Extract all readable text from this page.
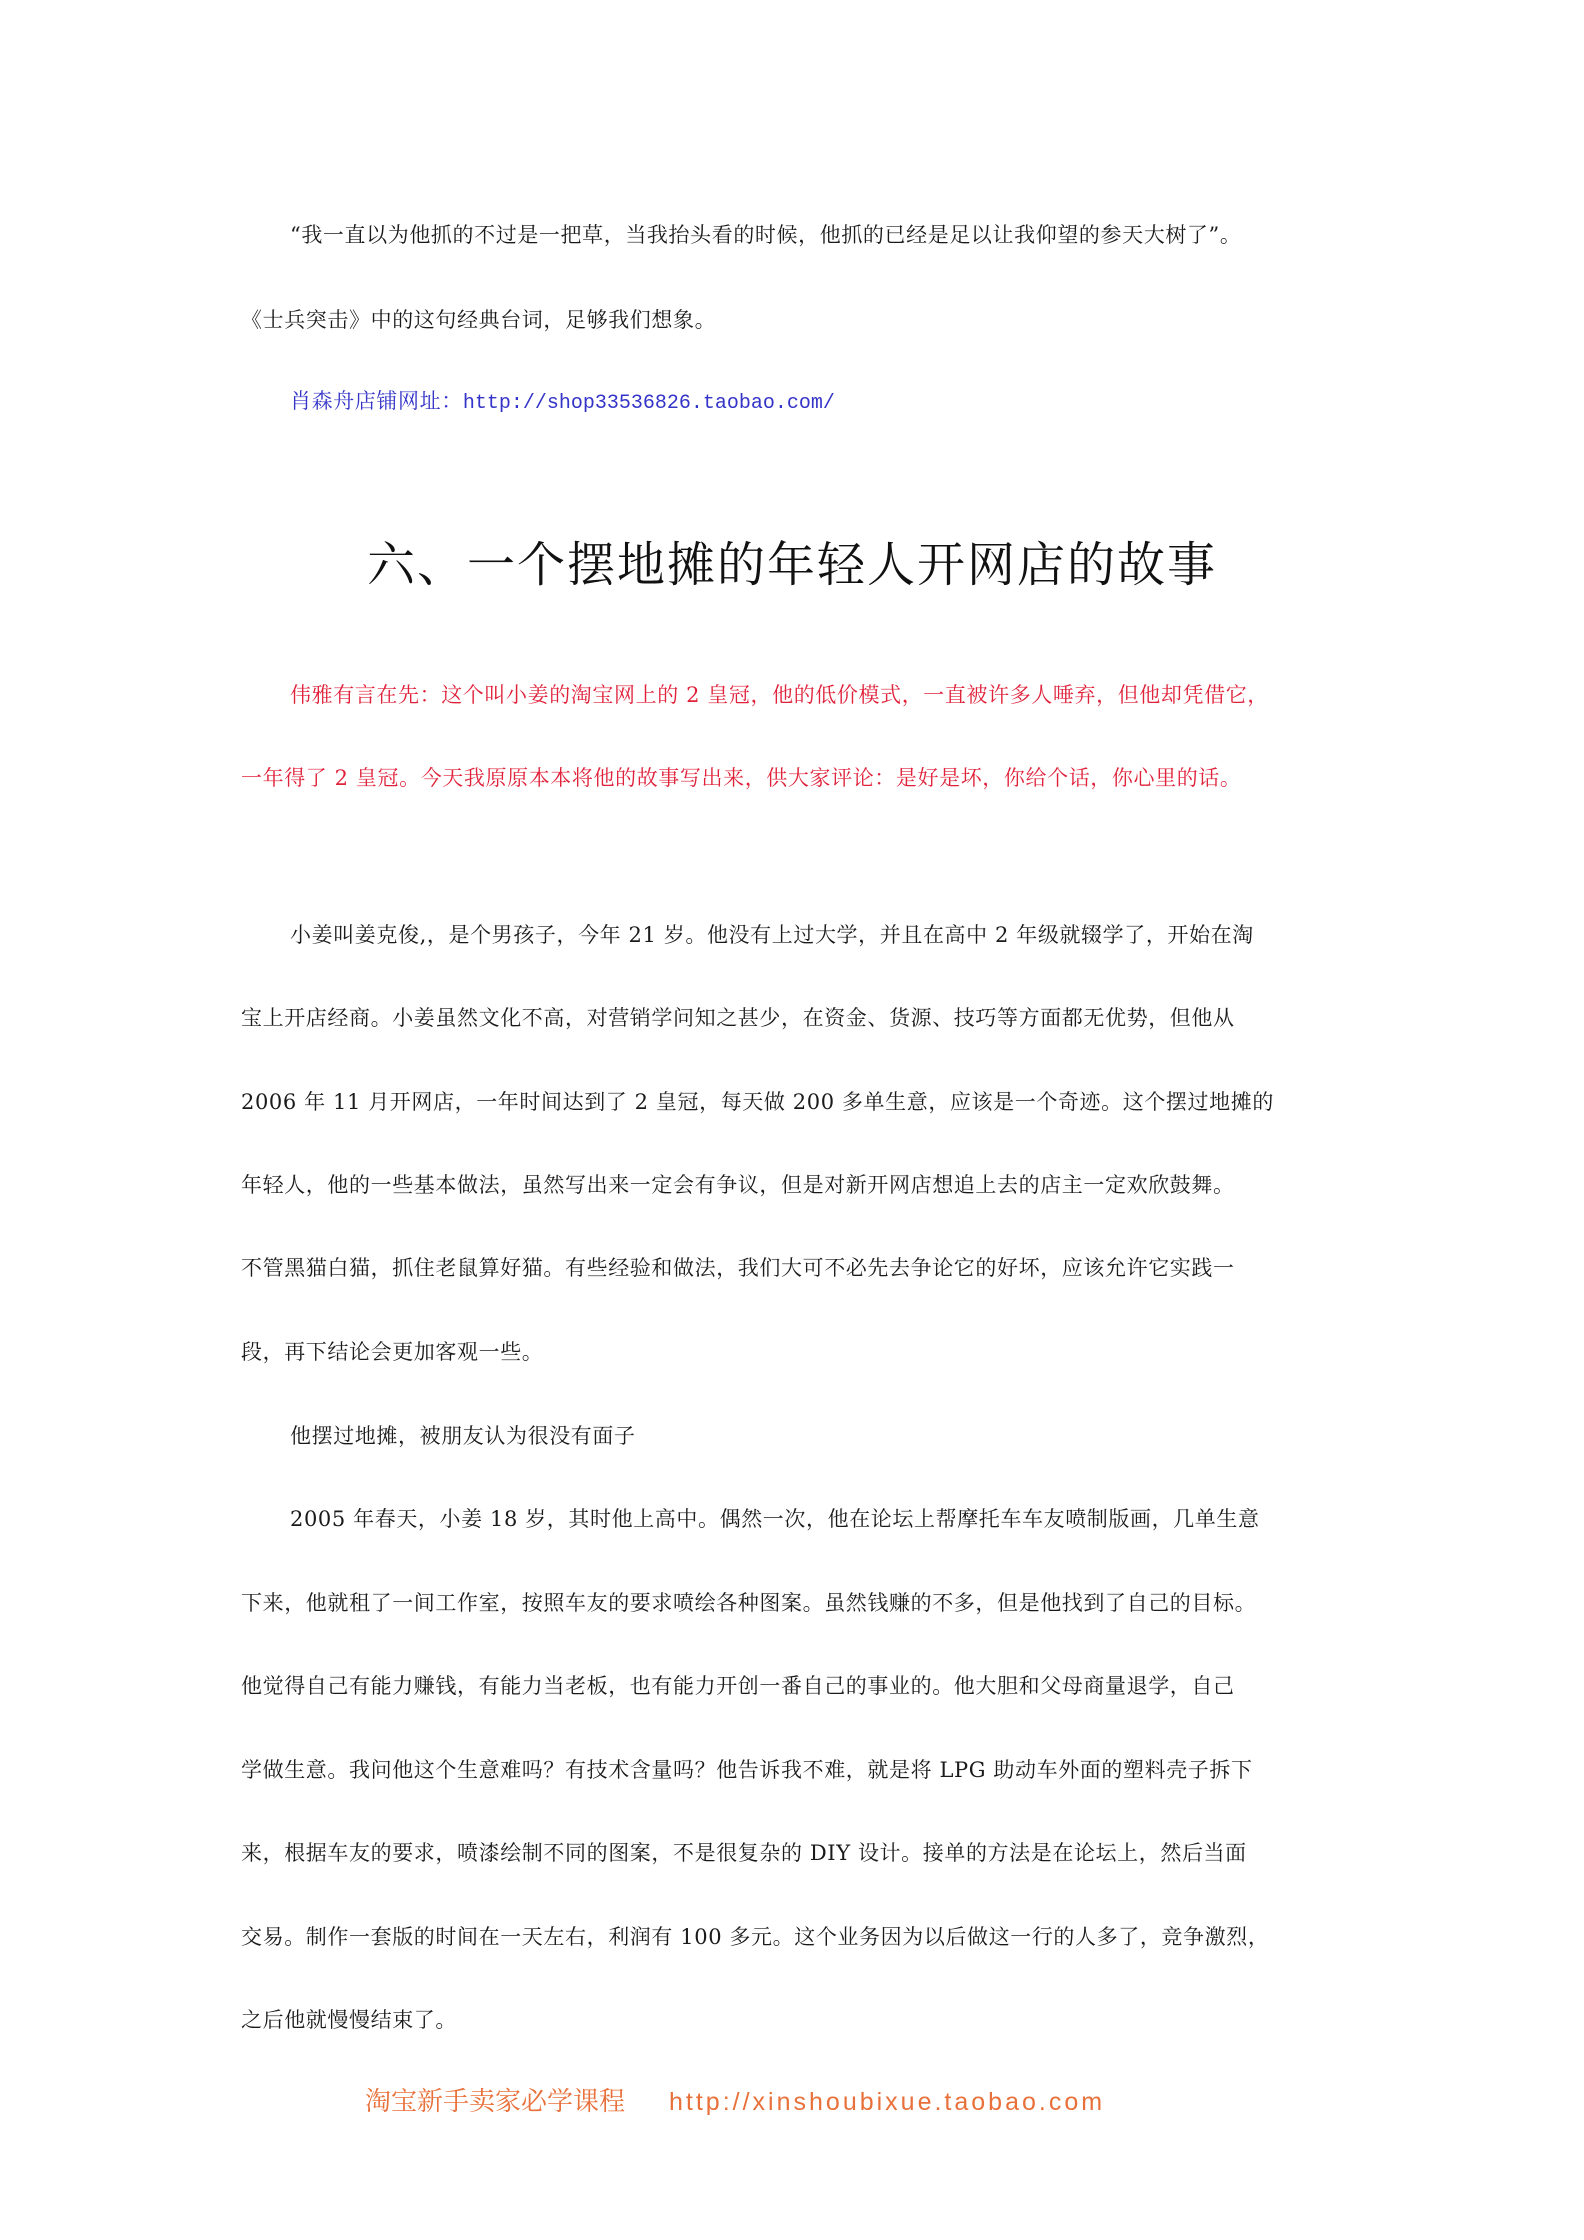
“我一直以为他抓的不过是一把草，当我抬头看的时候，他抓的已经是足以让我仰望的参天大树了”。
《士兵突击》中的这句经典台词，足够我们想象。
肖森舟店铺网址：http://shop33536826.taobao.com/
六、一个摆地摊的年轻人开网店的故事
伟雅有言在先：这个叫小姜的淘宝网上的 2 皇冠，他的低价模式，一直被许多人唾弃，但他却凭借它，
一年得了 2 皇冠。今天我原原本本将他的故事写出来，供大家评论：是好是坏，你给个话，你心里的话。
小姜叫姜克俊,，是个男孩子，今年 21 岁。他没有上过大学，并且在高中 2 年级就辍学了，开始在淘
宝上开店经商。小姜虽然文化不高，对营销学问知之甚少，在资金、货源、技巧等方面都无优势，但他从
2006 年 11 月开网店，一年时间达到了 2 皇冠，每天做 200 多单生意，应该是一个奇迹。这个摆过地摊的
年轻人，他的一些基本做法，虽然写出来一定会有争议，但是对新开网店想追上去的店主一定欢欣鼓舞。
不管黑猫白猫，抓住老鼠算好猫。有些经验和做法，我们大可不必先去争论它的好坏，应该允许它实践一
段，再下结论会更加客观一些。
他摆过地摊，被朋友认为很没有面子
2005 年春天，小姜 18 岁，其时他上高中。偶然一次，他在论坛上帮摩托车车友喷制版画，几单生意
下来，他就租了一间工作室，按照车友的要求喷绘各种图案。虽然钱赚的不多，但是他找到了自己的目标。
他觉得自己有能力赚钱，有能力当老板，也有能力开创一番自己的事业的。他大胆和父母商量退学，自己
学做生意。我问他这个生意难吗？有技术含量吗？他告诉我不难，就是将 LPG 助动车外面的塑料壳子拆下
来，根据车友的要求，喷漆绘制不同的图案，不是很复杂的 DIY 设计。接单的方法是在论坛上，然后当面
交易。制作一套版的时间在一天左右，利润有 100 多元。这个业务因为以后做这一行的人多了，竞争激烈，
之后他就慢慢结束了。
淘宝新手卖家必学课程 http://xinshoubixue.taobao.com
